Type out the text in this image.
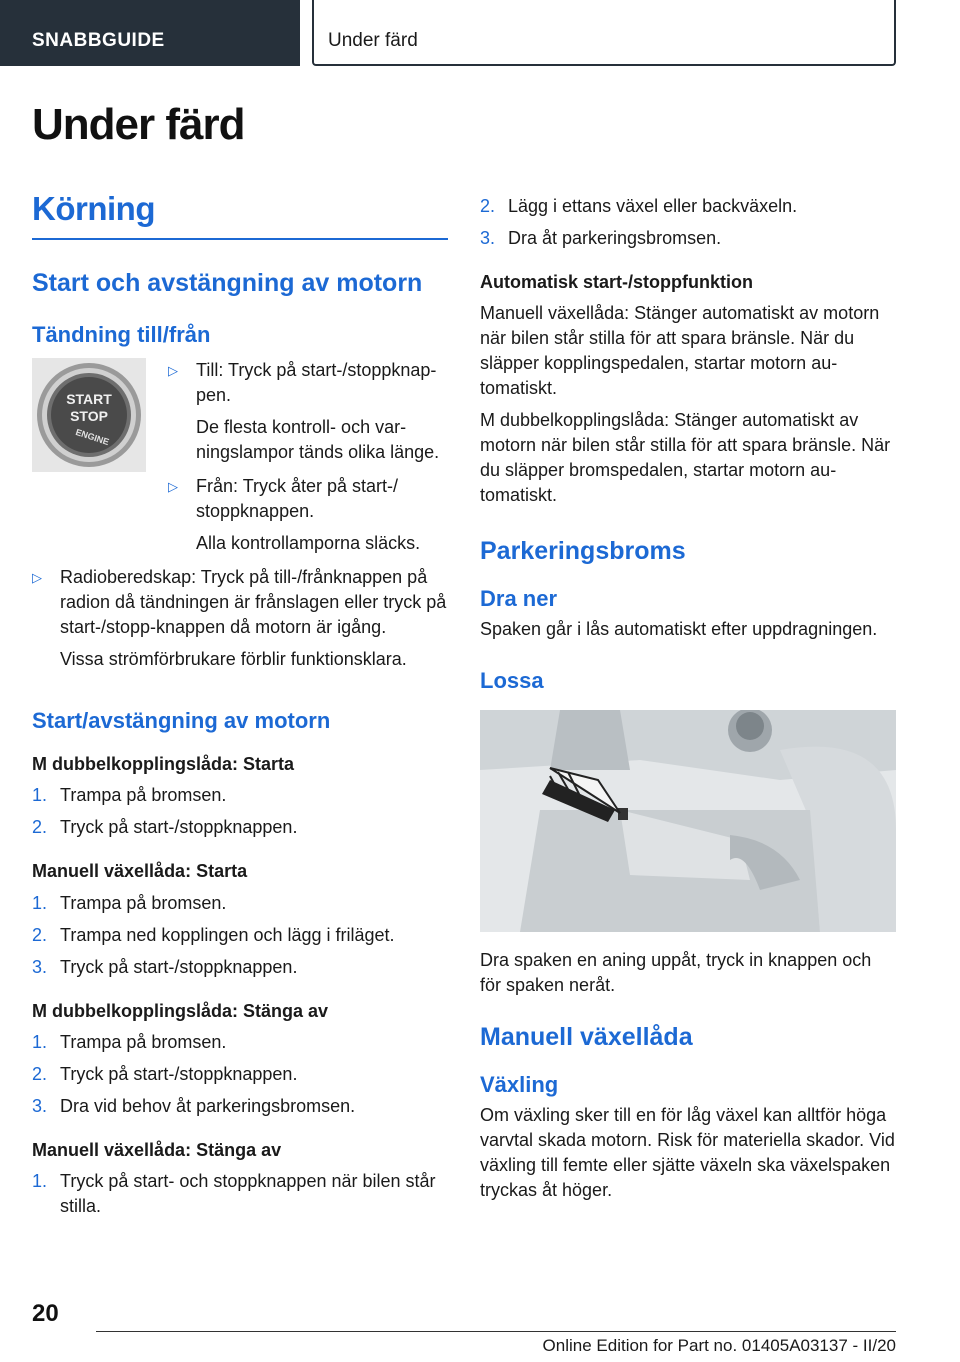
SNABBGUIDE	Under färd
Under färd
Körning
Start och avstängning av motorn
Tändning till/från
START
STOP
ENGINE
▷	Till: Tryck på start-/stoppknappen.
De flesta kontroll- och varningslampor tänds olika länge.
▷	Från: Tryck åter på start-/ stoppknappen.
Alla kontrollamporna släcks.
▷	Radioberedskap: Tryck på till-/frånknappen på radion då tändningen är frånslagen eller tryck på start-/stopp-knappen då motorn är igång.
Vissa strömförbrukare förblir funktionsklara.
Start/avstängning av motorn
M dubbelkopplingslåda: Starta
1. Trampa på bromsen.
2. Tryck på start-/stoppknappen.
Manuell växellåda: Starta
1. Trampa på bromsen.
2. Trampa ned kopplingen och lägg i friläget.
3. Tryck på start-/stoppknappen.
M dubbelkopplingslåda: Stänga av
1. Trampa på bromsen.
2. Tryck på start-/stoppknappen.
3. Dra vid behov åt parkeringsbromsen.
Manuell växellåda: Stänga av
1. Tryck på start- och stoppknappen när bilen står stilla.
2. Lägg i ettans växel eller backväxeln.
3. Dra åt parkeringsbromsen.
Automatisk start-/stoppfunktion
Manuell växellåda: Stänger automatiskt av motorn när bilen står stilla för att spara bränsle. När du släpper kopplingspedalen, startar motorn automatiskt.
M dubbelkopplingslåda: Stänger automatiskt av motorn när bilen står stilla för att spara bränsle. När du släpper bromspedalen, startar motorn automatiskt.
Parkeringsbroms
Dra ner
Spaken går i lås automatiskt efter uppdragningen.
Lossa
Dra spaken en aning uppåt, tryck in knappen och för spaken neråt.
Manuell växellåda
Växling
Om växling sker till en för låg växel kan alltför höga varvtal skada motorn. Risk för materiella skador. Vid växling till femte eller sjätte växeln ska växelspaken tryckas åt höger.
20
Online Edition for Part no. 01405A03137 - II/20
